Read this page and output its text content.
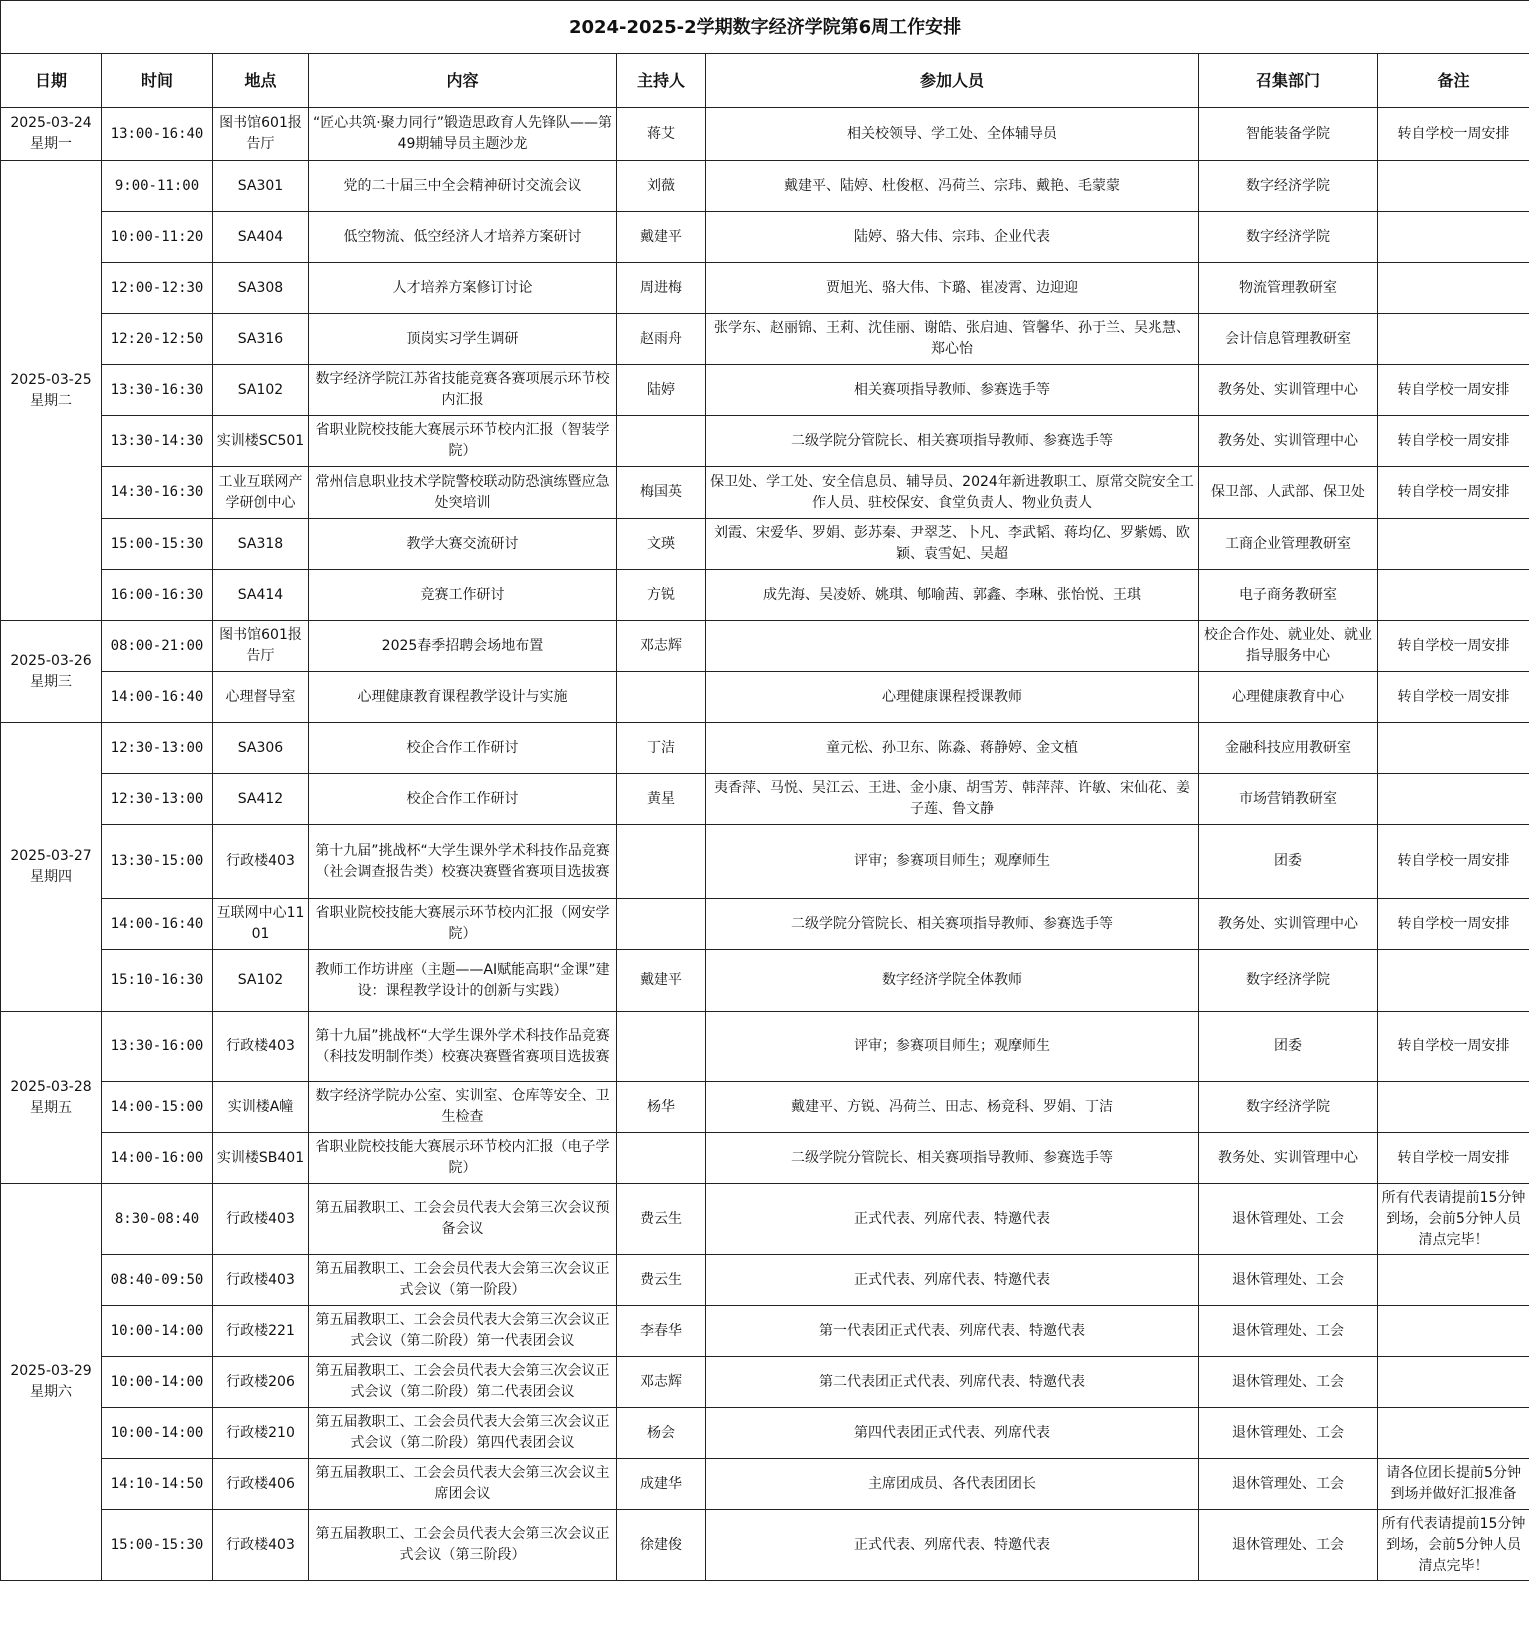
2024-2025-2学期数字经济学院第6周工作安排							
日期	时间	地点	内容	主持人	参加人员	召集部门	备注

2025-03-24
星期一	13:00-16:40	图书馆601报告厅	“匠心共筑·聚力同行”锻造思政育人先锋队——第49期辅导员主题沙龙	蒋艾	相关校领导、学工处、全体辅导员	智能装备学院	转自学校一周安排

2025-03-25
星期二	9:00-11:00	SA301	党的二十届三中全会精神研讨交流会议	刘薇	戴建平、陆婷、杜俊枢、冯荷兰、宗玮、戴艳、毛蒙蒙	数字经济学院	
	10:00-11:20	SA404	低空物流、低空经济人才培养方案研讨	戴建平	陆婷、骆大伟、宗玮、企业代表	数字经济学院	
	12:00-12:30	SA308	人才培养方案修订讨论	周进梅	贾旭光、骆大伟、卞璐、崔凌霄、边迎迎	物流管理教研室	
	12:20-12:50	SA316	顶岗实习学生调研	赵雨舟	张学东、赵丽锦、王莉、沈佳丽、谢皓、张启迪、管馨华、孙于兰、吴兆慧、郑心怡	会计信息管理教研室	
	13:30-16:30	SA102	数字经济学院江苏省技能竞赛各赛项展示环节校内汇报	陆婷	相关赛项指导教师、参赛选手等	教务处、实训管理中心	转自学校一周安排
	13:30-14:30	实训楼SC501	省职业院校技能大赛展示环节校内汇报（智装学院）		二级学院分管院长、相关赛项指导教师、参赛选手等	教务处、实训管理中心	转自学校一周安排
	14:30-16:30	工业互联网产学研创中心	常州信息职业技术学院警校联动防恐演练暨应急处突培训	梅国英	保卫处、学工处、安全信息员、辅导员、2024年新进教职工、原常交院安全工作人员、驻校保安、食堂负责人、物业负责人	保卫部、人武部、保卫处	转自学校一周安排
	15:00-15:30	SA318	教学大赛交流研讨	文瑛	刘霞、宋爱华、罗娟、彭苏秦、尹翠芝、卜凡、李武韬、蒋均亿、罗紫嫣、欧颖、袁雪妃、吴超	工商企业管理教研室	
	16:00-16:30	SA414	竞赛工作研讨	方锐	成先海、吴凌娇、姚琪、郇喻茜、郭鑫、李琳、张怡悦、王琪	电子商务教研室	

2025-03-26
星期三	08:00-21:00	图书馆601报告厅	2025春季招聘会场地布置	邓志辉		校企合作处、就业处、就业指导服务中心	转自学校一周安排
	14:00-16:40	心理督导室	心理健康教育课程教学设计与实施		心理健康课程授课教师	心理健康教育中心	转自学校一周安排

2025-03-27
星期四	12:30-13:00	SA306	校企合作工作研讨	丁洁	童元松、孙卫东、陈淼、蒋静婷、金文植	金融科技应用教研室	
	12:30-13:00	SA412	校企合作工作研讨	黄星	夷香萍、马悦、吴江云、王进、金小康、胡雪芳、韩萍萍、许敏、宋仙花、姜子莲、鲁文静	市场营销教研室	
	13:30-15:00	行政楼403	第十九届”挑战杯“大学生课外学术科技作品竞赛（社会调查报告类）校赛决赛暨省赛项目选拔赛		评审；参赛项目师生；观摩师生	团委	转自学校一周安排
	14:00-16:40	互联网中心1101	省职业院校技能大赛展示环节校内汇报（网安学院）		二级学院分管院长、相关赛项指导教师、参赛选手等	教务处、实训管理中心	转自学校一周安排
	15:10-16:30	SA102	教师工作坊讲座（主题——AI赋能高职“金课”建设：课程教学设计的创新与实践）	戴建平	数字经济学院全体教师	数字经济学院	

2025-03-28
星期五	13:30-16:00	行政楼403	第十九届”挑战杯“大学生课外学术科技作品竞赛（科技发明制作类）校赛决赛暨省赛项目选拔赛		评审；参赛项目师生；观摩师生	团委	转自学校一周安排
	14:00-15:00	实训楼A幢	数字经济学院办公室、实训室、仓库等安全、卫生检查	杨华	戴建平、方锐、冯荷兰、田志、杨竞科、罗娟、丁洁	数字经济学院	
	14:00-16:00	实训楼SB401	省职业院校技能大赛展示环节校内汇报（电子学院）		二级学院分管院长、相关赛项指导教师、参赛选手等	教务处、实训管理中心	转自学校一周安排

2025-03-29
星期六	8:30-08:40	行政楼403	第五届教职工、工会会员代表大会第三次会议预备会议	费云生	正式代表、列席代表、特邀代表	退休管理处、工会	所有代表请提前15分钟到场，会前5分钟人员清点完毕！
	08:40-09:50	行政楼403	第五届教职工、工会会员代表大会第三次会议正式会议（第一阶段）	费云生	正式代表、列席代表、特邀代表	退休管理处、工会	
	10:00-14:00	行政楼221	第五届教职工、工会会员代表大会第三次会议正式会议（第二阶段）第一代表团会议	李春华	第一代表团正式代表、列席代表、特邀代表	退休管理处、工会	
	10:00-14:00	行政楼206	第五届教职工、工会会员代表大会第三次会议正式会议（第二阶段）第二代表团会议	邓志辉	第二代表团正式代表、列席代表、特邀代表	退休管理处、工会	
	10:00-14:00	行政楼210	第五届教职工、工会会员代表大会第三次会议正式会议（第二阶段）第四代表团会议	杨会	第四代表团正式代表、列席代表	退休管理处、工会	
	14:10-14:50	行政楼406	第五届教职工、工会会员代表大会第三次会议主席团会议	成建华	主席团成员、各代表团团长	退休管理处、工会	请各位团长提前5分钟到场并做好汇报准备
	15:00-15:30	行政楼403	第五届教职工、工会会员代表大会第三次会议正式会议（第三阶段）	徐建俊	正式代表、列席代表、特邀代表	退休管理处、工会	所有代表请提前15分钟到场，会前5分钟人员清点完毕！
